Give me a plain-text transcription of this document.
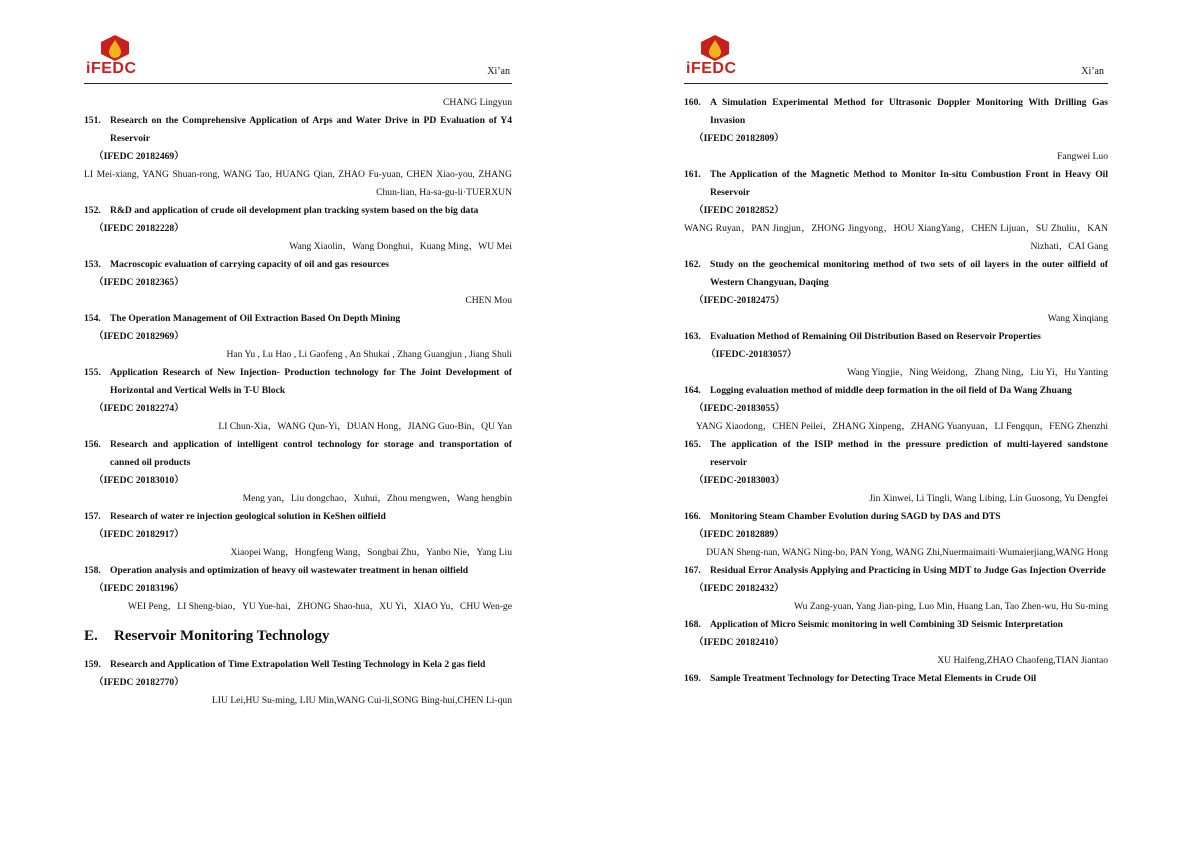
iFEDC	Xi’an
CHANG Lingyun
151. Research on the Comprehensive Application of Arps and Water Drive in PD Evaluation of Y4 Reservoir
（IFEDC 20182469）
LI Mei-xiang, YANG Shuan-rong, WANG Tao, HUANG Qian, ZHAO Fu-yuan, CHEN Xiao-you, ZHANG Chun-lian, Ha-sa-gu-li·TUERXUN
152. R&D and application of crude oil development plan tracking system based on the big data
（IFEDC 20182228）
Wang Xiaolin，Wang Donghui，Kuang Ming，WU Mei
153. Macroscopic evaluation of carrying capacity of oil and gas resources
（IFEDC 20182365）
CHEN Mou
154. The Operation Management of Oil Extraction Based On Depth Mining
（IFEDC 20182969）
Han Yu , Lu Hao , Li Gaofeng , An Shukai , Zhang Guangjun , Jiang Shuli
155. Application Research of New Injection- Production technology for The Joint Development of Horizontal and Vertical Wells in T-U Block
（IFEDC 20182274）
LI Chun-Xia，WANG Qun-Yi，DUAN Hong，JIANG Guo-Bin，QU Yan
156. Research and application of intelligent control technology for storage and transportation of canned oil products
（IFEDC 20183010）
Meng yan，Liu dongchao，Xuhui，Zhou mengwen，Wang hengbin
157. Research of water re injection geological solution in KeShen oilfield
（IFEDC 20182917）
Xiaopei Wang，Hongfeng Wang，Songbai Zhu，Yanbo Nie，Yang Liu
158. Operation analysis and optimization of heavy oil wastewater treatment in henan oilfield
（IFEDC 20183196）
WEI Peng，LI Sheng-biao，YU Yue-hai，ZHONG Shao-hua，XU Yi，XIAO Yu，CHU Wen-ge
E. Reservoir Monitoring Technology
159. Research and Application of Time Extrapolation Well Testing Technology in Kela 2 gas field
（IFEDC 20182770）
LIU Lei,HU Su-ming, LIU Min,WANG Cui-li,SONG Bing-hui,CHEN Li-qun
iFEDC	Xi’an
160. A Simulation Experimental Method for Ultrasonic Doppler Monitoring With Drilling Gas Invasion
（IFEDC 20182809）
Fangwei Luo
161. The Application of the Magnetic Method to Monitor In-situ Combustion Front in Heavy Oil Reservoir
（IFEDC 20182852）
WANG Ruyan，PAN Jingjun，ZHONG Jingyong，HOU XiangYang，CHEN Lijuan，SU Zhuliu，KAN Nizhati，CAI Gang
162. Study on the geochemical monitoring method of two sets of oil layers in the outer oilfield of Western Changyuan, Daqing
（IFEDC-20182475）
Wang Xinqiang
163. Evaluation Method of Remaining Oil Distribution Based on Reservoir Properties
（IFEDC-20183057）
Wang Yingjie，Ning Weidong，Zhang Ning，Liu Yi，Hu Yanting
164. Logging evaluation method of middle deep formation in the oil field of Da Wang Zhuang
（IFEDC-20183055）
YANG Xiaodong，CHEN Peilei，ZHANG Xinpeng，ZHANG Yuanyuan，LI Fengqun，FENG Zhenzhi
165. The application of the ISIP method in the pressure prediction of multi-layered sandstone reservoir
（IFEDC-20183003）
Jin Xinwei, Li Tingli, Wang Libing, Lin Guosong, Yu Dengfei
166. Monitoring Steam Chamber Evolution during SAGD by DAS and DTS
（IFEDC 20182889）
DUAN Sheng-nan, WANG Ning-bo, PAN Yong, WANG Zhi,Nuermaimaiti·Wumaierjiang,WANG Hong
167. Residual Error Analysis Applying and Practicing in Using MDT to Judge Gas Injection Override
（IFEDC 20182432）
Wu Zang-yuan, Yang Jian-ping, Luo Min, Huang Lan, Tao Zhen-wu, Hu Su-ming
168. Application of Micro Seismic monitoring in well Combining 3D Seismic Interpretation
（IFEDC 20182410）
XU Haifeng,ZHAO Chaofeng,TIAN Jiantao
169. Sample Treatment Technology for Detecting Trace Metal Elements in Crude Oil
